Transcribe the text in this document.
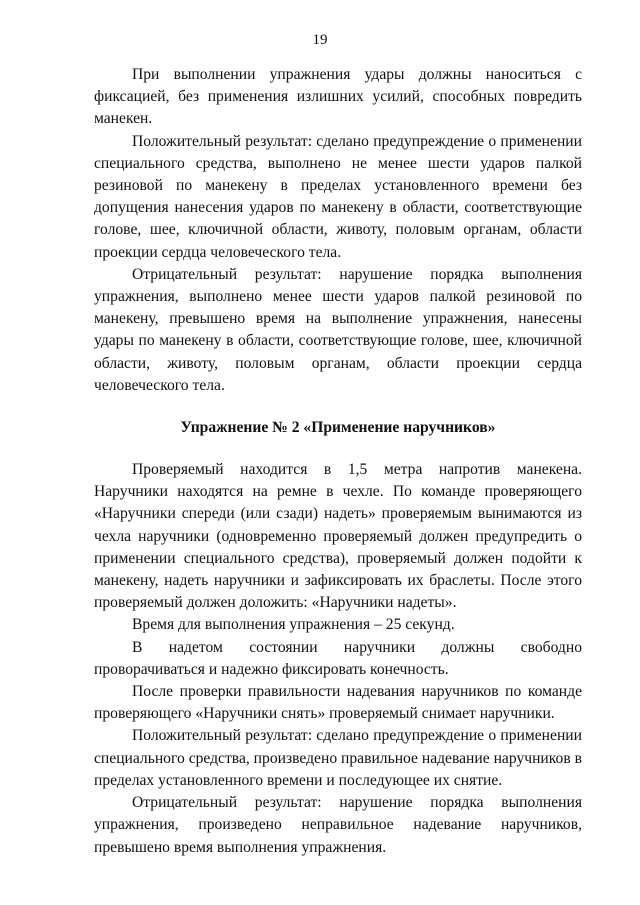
19

При выполнении упражнения удары должны наноситься с фиксацией, без применения излишних усилий, способных повредить манекен.

Положительный результат: сделано предупреждение о применении специального средства, выполнено не менее шести ударов палкой резиновой по манекену в пределах установленного времени без допущения нанесения ударов по манекену в области, соответствующие голове, шее, ключичной области, животу, половым органам, области проекции сердца человеческого тела.

Отрицательный результат: нарушение порядка выполнения упражнения, выполнено менее шести ударов палкой резиновой по манекену, превышено время на выполнение упражнения, нанесены удары по манекену в области, соответствующие голове, шее, ключичной области, животу, половым органам, области проекции сердца человеческого тела.

Упражнение № 2 «Применение наручников»

Проверяемый находится в 1,5 метра напротив манекена. Наручники находятся на ремне в чехле. По команде проверяющего «Наручники спереди (или сзади) надеть» проверяемым вынимаются из чехла наручники (одновременно проверяемый должен предупредить о применении специального средства), проверяемый должен подойти к манекену, надеть наручники и зафиксировать их браслеты. После этого проверяемый должен доложить: «Наручники надеты».

Время для выполнения упражнения – 25 секунд.

В надетом состоянии наручники должны свободно проворачиваться и надежно фиксировать конечность.

После проверки правильности надевания наручников по команде проверяющего «Наручники снять» проверяемый снимает наручники.

Положительный результат: сделано предупреждение о применении специального средства, произведено правильное надевание наручников в пределах установленного времени и последующее их снятие.

Отрицательный результат: нарушение порядка выполнения упражнения, произведено неправильное надевание наручников, превышено время выполнения упражнения.
